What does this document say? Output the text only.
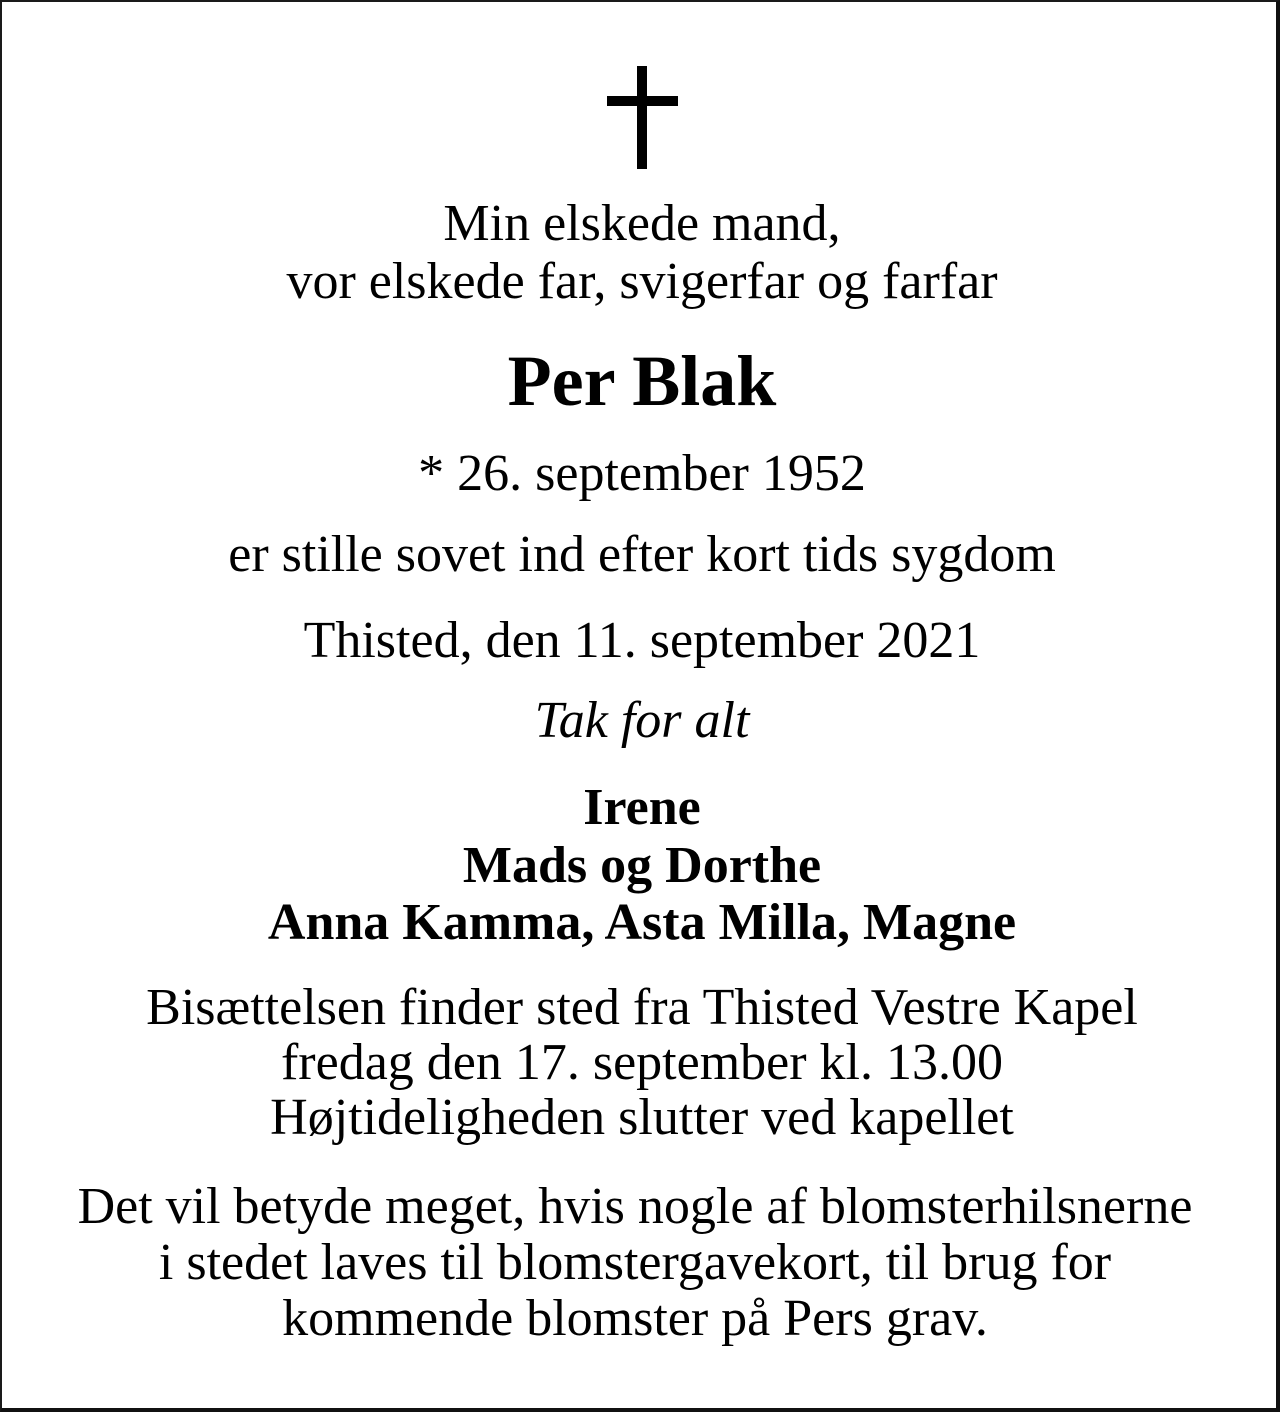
Min elskede mand,
vor elskede far, svigerfar og farfar

Per Blak

* 26. september 1952

er stille sovet ind efter kort tids sygdom

Thisted, den 11. september 2021

Tak for alt

Irene
Mads og Dorthe
Anna Kamma, Asta Milla, Magne

Bisættelsen finder sted fra Thisted Vestre Kapel
fredag den 17. september kl. 13.00
Højtideligheden slutter ved kapellet

Det vil betyde meget, hvis nogle af blomsterhilsnerne
i stedet laves til blomstergavekort, til brug for
kommende blomster på Pers grav.
